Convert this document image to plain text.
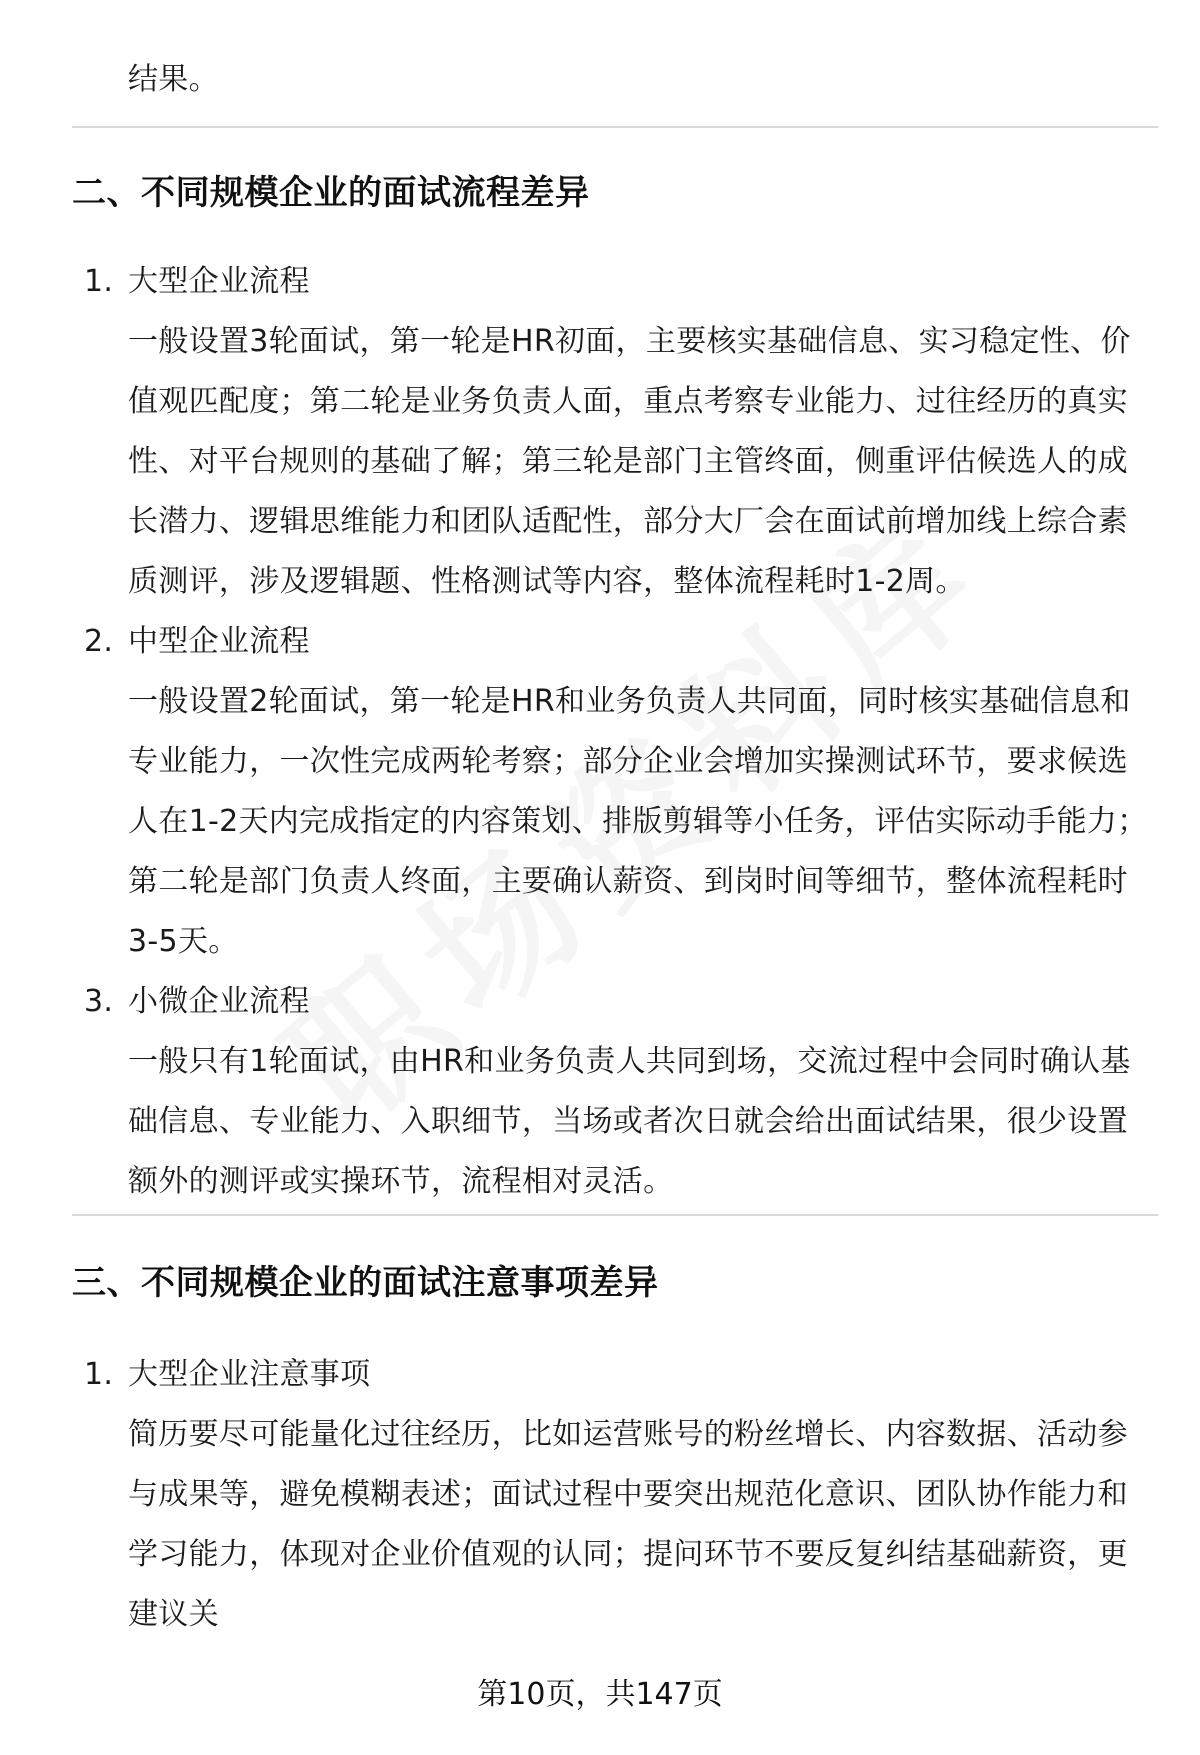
结果。
二、不同规模企业的面试流程差异
1. 大型企业流程
一般设置3轮面试，第一轮是HR初面，主要核实基础信息、实习稳定性、价值观匹配度；第二轮是业务负责人面，重点考察专业能力、过往经历的真实性、对平台规则的基础了解；第三轮是部门主管终面，侧重评估候选人的成长潜力、逻辑思维能力和团队适配性，部分大厂会在面试前增加线上综合素质测评，涉及逻辑题、性格测试等内容，整体流程耗时1-2周。
2. 中型企业流程
一般设置2轮面试，第一轮是HR和业务负责人共同面，同时核实基础信息和专业能力，一次性完成两轮考察；部分企业会增加实操测试环节，要求候选人在1-2天内完成指定的内容策划、排版剪辑等小任务，评估实际动手能力；第二轮是部门负责人终面，主要确认薪资、到岗时间等细节，整体流程耗时3-5天。
3. 小微企业流程
一般只有1轮面试，由HR和业务负责人共同到场，交流过程中会同时确认基础信息、专业能力、入职细节，当场或者次日就会给出面试结果，很少设置额外的测评或实操环节，流程相对灵活。
三、不同规模企业的面试注意事项差异
1. 大型企业注意事项
简历要尽可能量化过往经历，比如运营账号的粉丝增长、内容数据、活动参与成果等，避免模糊表述；面试过程中要突出规范化意识、团队协作能力和学习能力，体现对企业价值观的认同；提问环节不要反复纠结基础薪资，更建议关
第10页，共147页
